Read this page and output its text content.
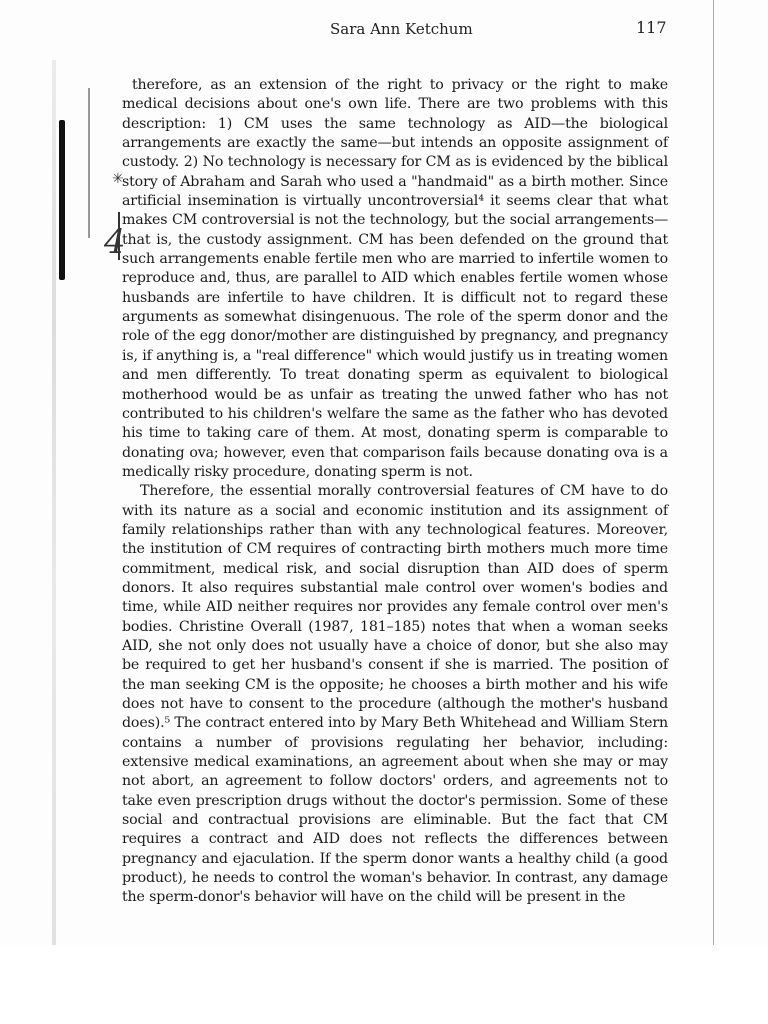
Sara Ann Ketchum	117
✳
4

therefore, as an extension of the right to privacy or the right to make medical decisions about one's own life. There are two problems with this description: 1) CM uses the same technology as AID—the biological arrangements are exactly the same—but intends an opposite assignment of custody. 2) No technology is necessary for CM as is evidenced by the biblical story of Abraham and Sarah who used a "handmaid" as a birth mother. Since artificial insemination is virtually uncontroversial⁴ it seems clear that what makes CM controversial is not the technology, but the social arrangements—that is, the custody assignment. CM has been defended on the ground that such arrangements enable fertile men who are married to infertile women to reproduce and, thus, are parallel to AID which enables fertile women whose husbands are infertile to have children. It is difficult not to regard these arguments as somewhat disingenuous. The role of the sperm donor and the role of the egg donor/mother are distinguished by pregnancy, and pregnancy is, if anything is, a "real difference" which would justify us in treating women and men differently. To treat donating sperm as equivalent to biological motherhood would be as unfair as treating the unwed father who has not contributed to his children's welfare the same as the father who has devoted his time to taking care of them. At most, donating sperm is comparable to donating ova; however, even that comparison fails because donating ova is a medically risky procedure, donating sperm is not.

Therefore, the essential morally controversial features of CM have to do with its nature as a social and economic institution and its assignment of family relationships rather than with any technological features. Moreover, the institution of CM requires of contracting birth mothers much more time commitment, medical risk, and social disruption than AID does of sperm donors. It also requires substantial male control over women's bodies and time, while AID neither requires nor provides any female control over men's bodies. Christine Overall (1987, 181–185) notes that when a woman seeks AID, she not only does not usually have a choice of donor, but she also may be required to get her husband's consent if she is married. The position of the man seeking CM is the opposite; he chooses a birth mother and his wife does not have to consent to the procedure (although the mother's husband does).⁵ The contract entered into by Mary Beth Whitehead and William Stern contains a number of provisions regulating her behavior, including: extensive medical examinations, an agreement about when she may or may not abort, an agreement to follow doctors' orders, and agreements not to take even prescription drugs without the doctor's permission. Some of these social and contractual provisions are eliminable. But the fact that CM requires a contract and AID does not reflects the differences between pregnancy and ejaculation. If the sperm donor wants a healthy child (a good product), he needs to control the woman's behavior. In contrast, any damage the sperm-donor's behavior will have on the child will be present in the
